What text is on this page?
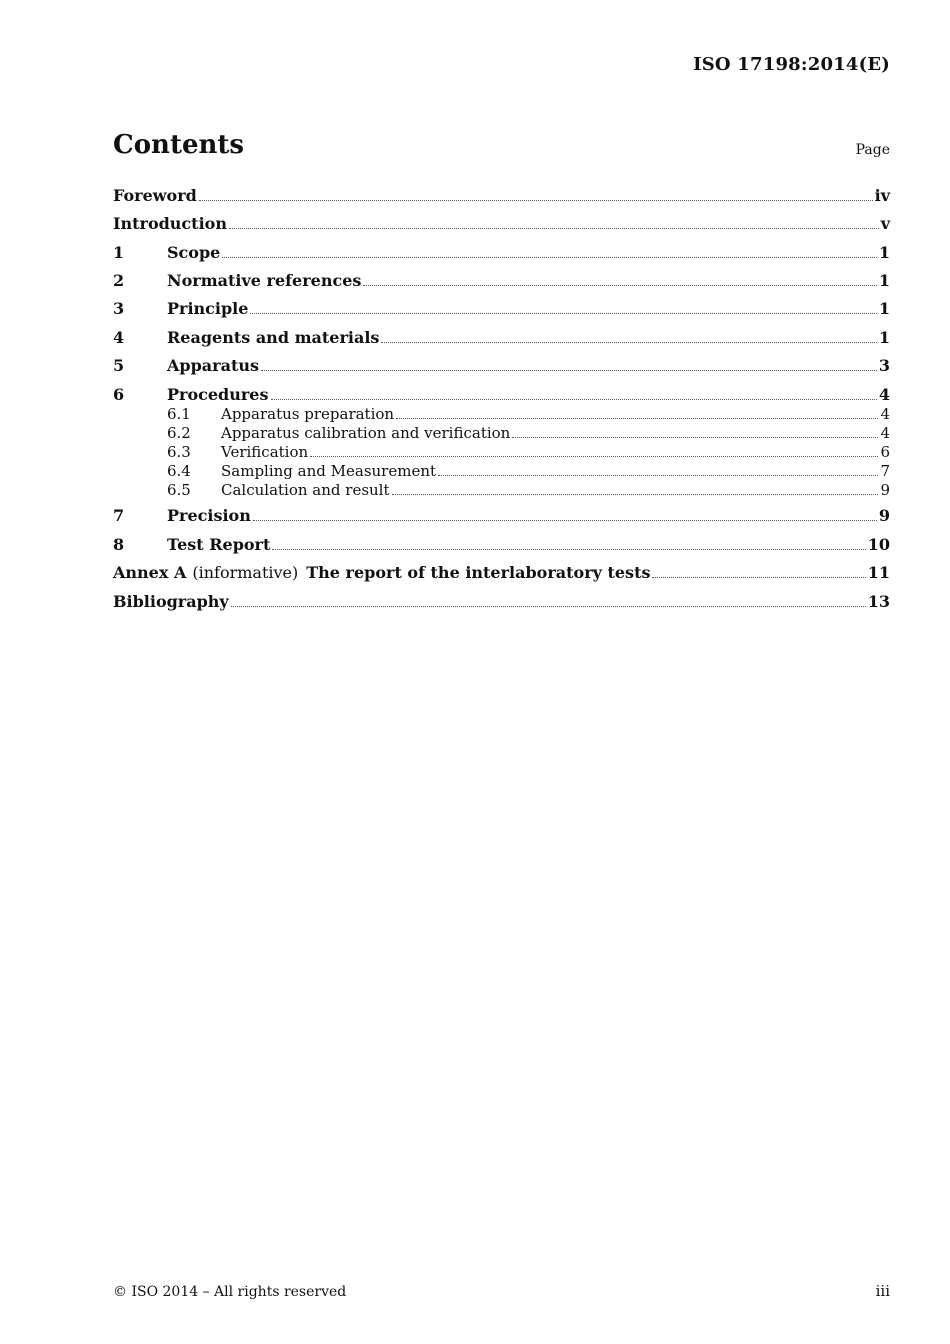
ISO 17198:2014(E)
Contents	Page
Foreword	iv
Introduction	v
1	Scope	1
2	Normative references	1
3	Principle	1
4	Reagents and materials	1
5	Apparatus	3
6	Procedures	4
6.1	Apparatus preparation	4
6.2	Apparatus calibration and verification	4
6.3	Verification	6
6.4	Sampling and Measurement	7
6.5	Calculation and result	9
7	Precision	9
8	Test Report	10
Annex A (informative) The report of the interlaboratory tests	11
Bibliography	13
© ISO 2014 – All rights reserved	iii
